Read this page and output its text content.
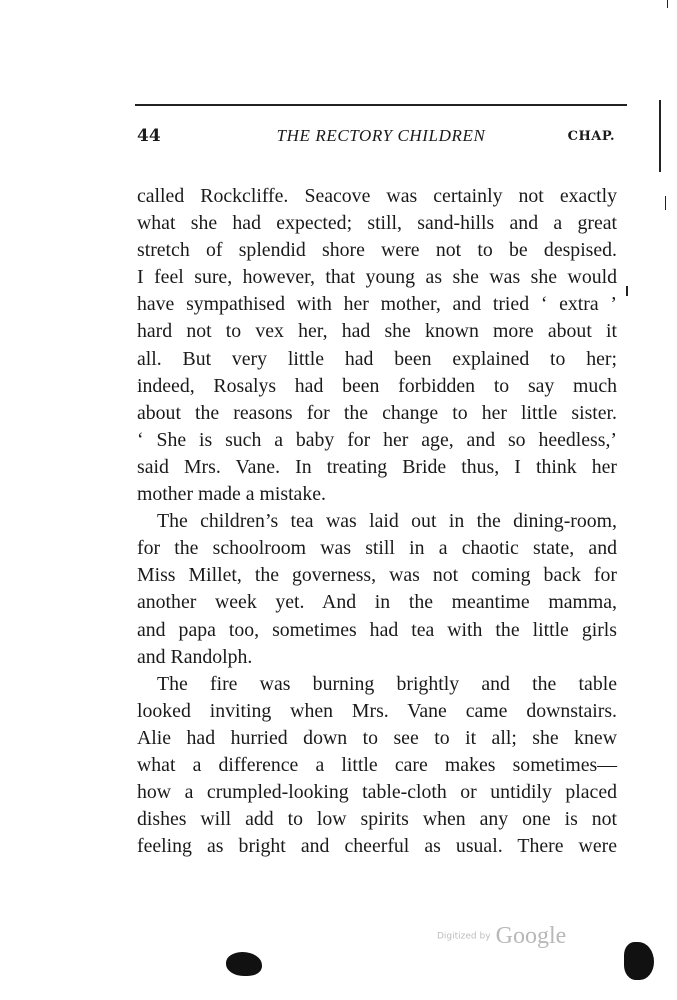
44	THE RECTORY CHILDREN	CHAP.
called Rockcliffe. Seacove was certainly not exactly
what she had expected; still, sand-hills and a great
stretch of splendid shore were not to be despised.
I feel sure, however, that young as she was she would
have sympathised with her mother, and tried ‘ extra ’
hard not to vex her, had she known more about it
all. But very little had been explained to her;
indeed, Rosalys had been forbidden to say much
about the reasons for the change to her little sister.
‘ She is such a baby for her age, and so heedless,’
said Mrs. Vane. In treating Bride thus, I think her
mother made a mistake.
The children’s tea was laid out in the dining-room,
for the schoolroom was still in a chaotic state, and
Miss Millet, the governess, was not coming back for
another week yet. And in the meantime mamma,
and papa too, sometimes had tea with the little girls
and Randolph.
The fire was burning brightly and the table
looked inviting when Mrs. Vane came downstairs.
Alie had hurried down to see to it all; she knew
what a difference a little care makes sometimes—
how a crumpled-looking table-cloth or untidily placed
dishes will add to low spirits when any one is not
feeling as bright and cheerful as usual. There were
Digitized by Google
